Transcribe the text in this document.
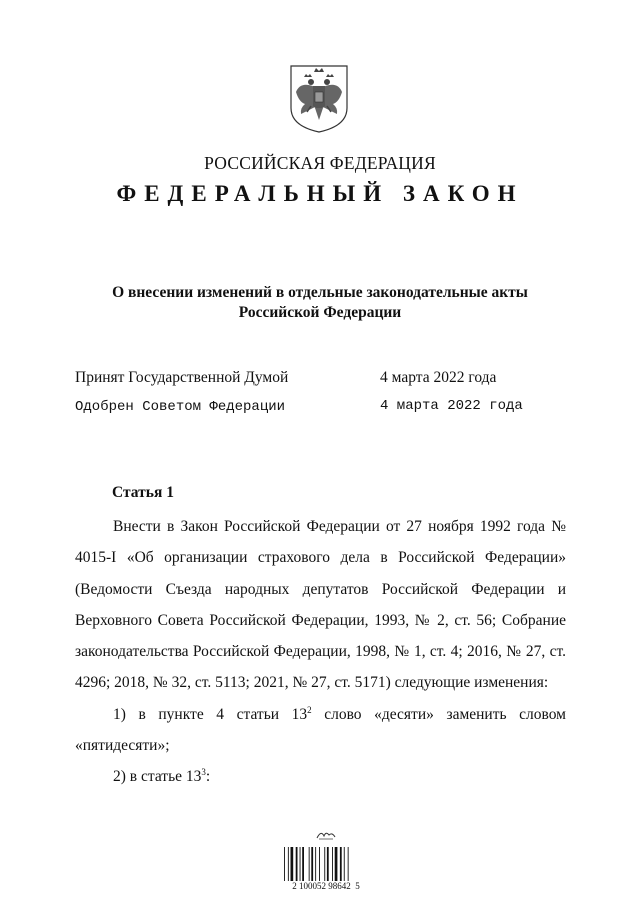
РОССИЙСКАЯ ФЕДЕРАЦИЯ
ФЕДЕРАЛЬНЫЙ ЗАКОН
О внесении изменений в отдельные законодательные акты
Российской Федерации
Принят Государственной Думой	4 марта 2022 года
Одобрен Советом Федерации	4 марта 2022 года
Статья 1

Внести в Закон Российской Федерации от 27 ноября 1992 года № 4015-I «Об организации страхового дела в Российской Федерации» (Ведомости Съезда народных депутатов Российской Федерации и Верховного Совета Российской Федерации, 1993, № 2, ст. 56; Собрание законодательства Российской Федерации, 1998, № 1, ст. 4; 2016, № 27, ст. 4296; 2018, № 32, ст. 5113; 2021, № 27, ст. 5171) следующие изменения:

1) в пункте 4 статьи $13^2$ слово «десяти» заменить словом «пятидесяти»;

2) в статье $13^3$:

2 100052 98642  5
